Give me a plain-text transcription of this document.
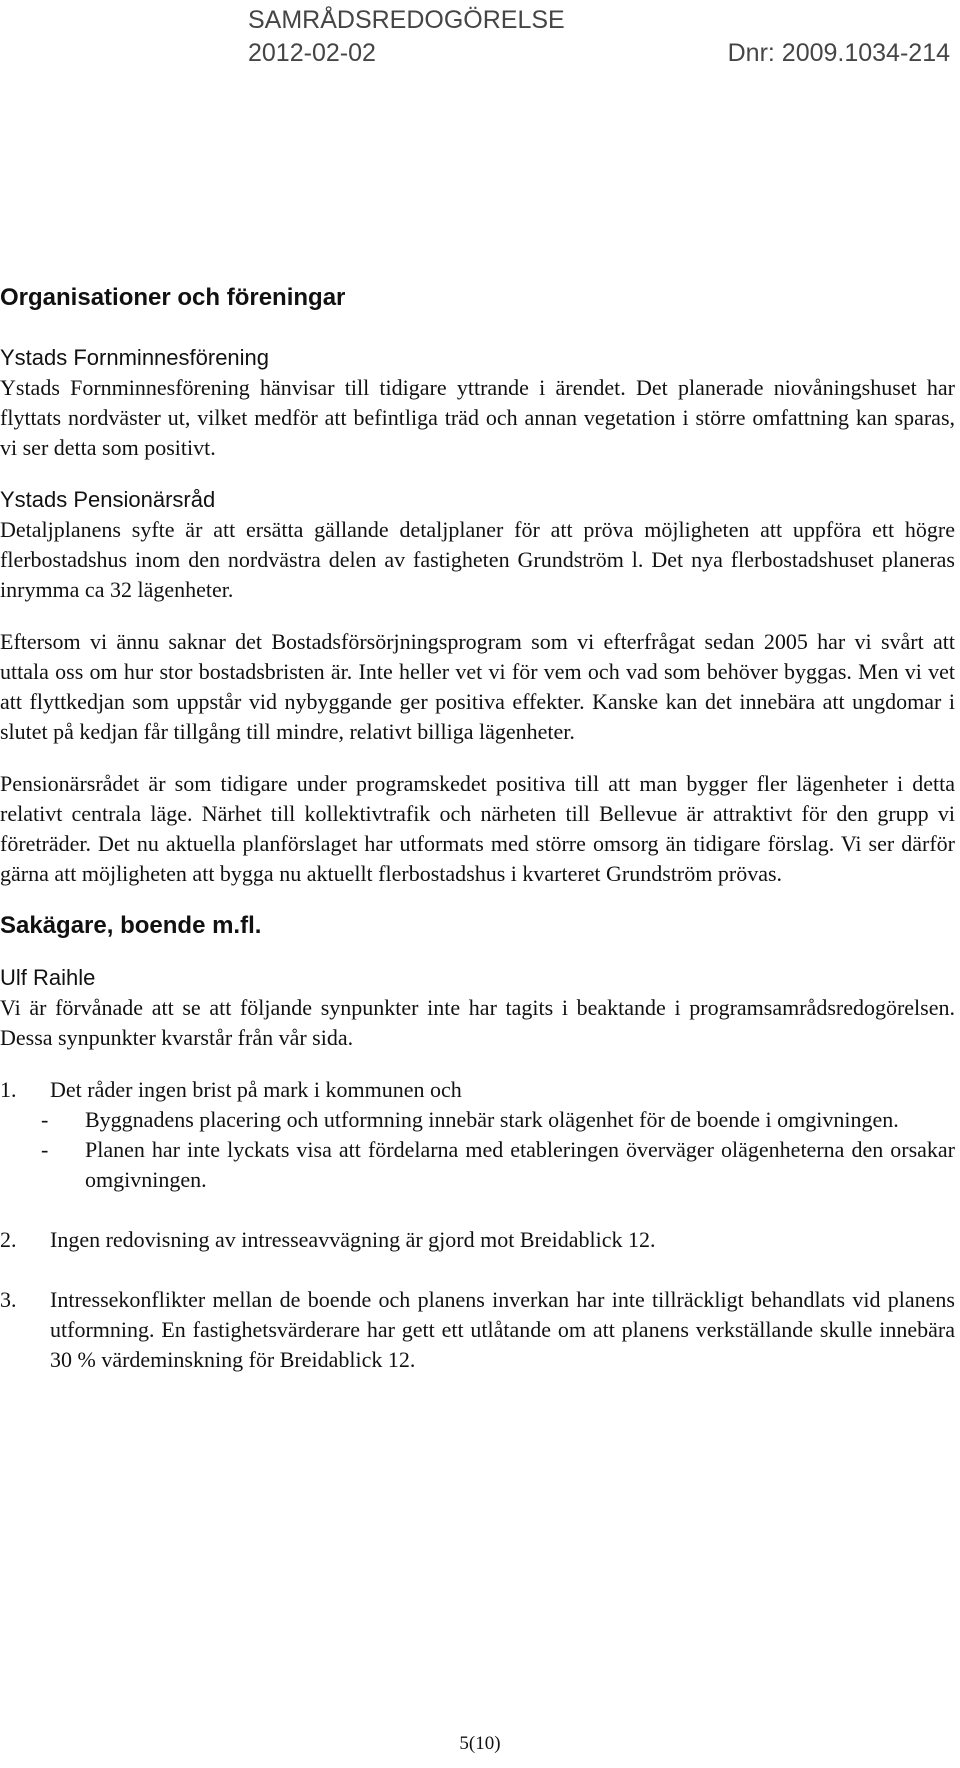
SAMRÅDSREDOGÖRELSE
2012-02-02	Dnr: 2009.1034-214
Organisationer och föreningar
Ystads Fornminnesförening

Ystads Fornminnesförening hänvisar till tidigare yttrande i ärendet. Det planerade niovåningshuset har flyttats nordväster ut, vilket medför att befintliga träd och annan vegetation i större omfattning kan sparas, vi ser detta som positivt.

Ystads Pensionärsråd

Detaljplanens syfte är att ersätta gällande detaljplaner för att pröva möjligheten att uppföra ett högre flerbostadshus inom den nordvästra delen av fastigheten Grundström l. Det nya flerbostadshuset planeras inrymma ca 32 lägenheter.

Eftersom vi ännu saknar det Bostadsförsörjningsprogram som vi efterfrågat sedan 2005 har vi svårt att uttala oss om hur stor bostadsbristen är. Inte heller vet vi för vem och vad som behöver byggas. Men vi vet att flyttkedjan som uppstår vid nybyggande ger positiva effekter. Kanske kan det innebära att ungdomar i slutet på kedjan får tillgång till mindre, relativt billiga lägenheter.

Pensionärsrådet är som tidigare under programskedet positiva till att man bygger fler lägenheter i detta relativt centrala läge. Närhet till kollektivtrafik och närheten till Bellevue är attraktivt för den grupp vi företräder. Det nu aktuella planförslaget har utformats med större omsorg än tidigare förslag. Vi ser därför gärna att möjligheten att bygga nu aktuellt flerbostadshus i kvarteret Grundström prövas.

Sakägare, boende m.fl.
Ulf Raihle

Vi är förvånade att se att följande synpunkter inte har tagits i beaktande i programsamrådsredogörelsen. Dessa synpunkter kvarstår från vår sida.

1. Det råder ingen brist på mark i kommunen och
- Byggnadens placering och utformning innebär stark olägenhet för de boende i omgivningen.
- Planen har inte lyckats visa att fördelarna med etableringen överväger olägenheterna den orsakar omgivningen.
2. Ingen redovisning av intresseavvägning är gjord mot Breidablick 12.
3. Intressekonflikter mellan de boende och planens inverkan har inte tillräckligt behandlats vid planens utformning. En fastighetsvärderare har gett ett utlåtande om att planens verkställande skulle innebära 30 % värdeminskning för Breidablick 12.
5(10)
